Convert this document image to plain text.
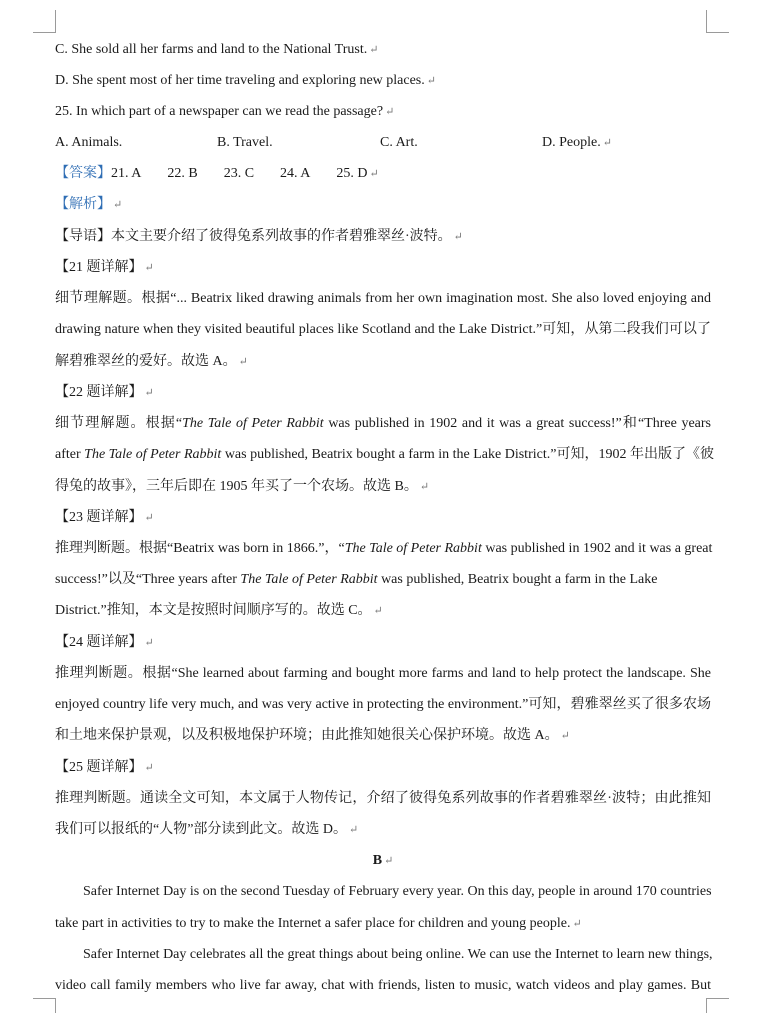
C. She sold all her farms and land to the National Trust. ↵
D. She spent most of her time traveling and exploring new places. ↵
25. In which part of a newspaper can we read the passage? ↵
A. Animals.	B. Travel.	C. Art.	D. People. ↵
【答案】21. A 22. B 23. C 24. A 25. D ↵
【解析】 ↵
【导语】本文主要介绍了彼得兔系列故事的作者碧雅翠丝·波特。 ↵
【21 题详解】 ↵
细节理解题。根据“... Beatrix liked drawing animals from her own imagination most. She also loved enjoying and
drawing nature when they visited beautiful places like Scotland and the Lake District.”可知，从第二段我们可以了
解碧雅翠丝的爱好。故选 A。 ↵
【22 题详解】 ↵
细节理解题。根据“The Tale of Peter Rabbit was published in 1902 and it was a great success!”和“Three years
after The Tale of Peter Rabbit was published, Beatrix bought a farm in the Lake District.”可知，1902 年出版了《彼
得兔的故事》，三年后即在 1905 年买了一个农场。故选 B。 ↵
【23 题详解】 ↵
推理判断题。根据“Beatrix was born in 1866.”，“The Tale of Peter Rabbit was published in 1902 and it was a great
success!”以及“Three years after The Tale of Peter Rabbit was published, Beatrix bought a farm in the Lake
District.”推知，本文是按照时间顺序写的。故选 C。 ↵
【24 题详解】 ↵
推理判断题。根据“She learned about farming and bought more farms and land to help protect the landscape. She
enjoyed country life very much, and was very active in protecting the environment.”可知，碧雅翠丝买了很多农场
和土地来保护景观，以及积极地保护环境；由此推知她很关心保护环境。故选 A。 ↵
【25 题详解】 ↵
推理判断题。通读全文可知，本文属于人物传记，介绍了彼得兔系列故事的作者碧雅翠丝·波特；由此推知
我们可以报纸的“人物”部分读到此文。故选 D。 ↵
B ↵
Safer Internet Day is on the second Tuesday of February every year. On this day, people in around 170 countries
take part in activities to try to make the Internet a safer place for children and young people. ↵
Safer Internet Day celebrates all the great things about being online. We can use the Internet to learn new things,
video call family members who live far away, chat with friends, listen to music, watch videos and play games. But
